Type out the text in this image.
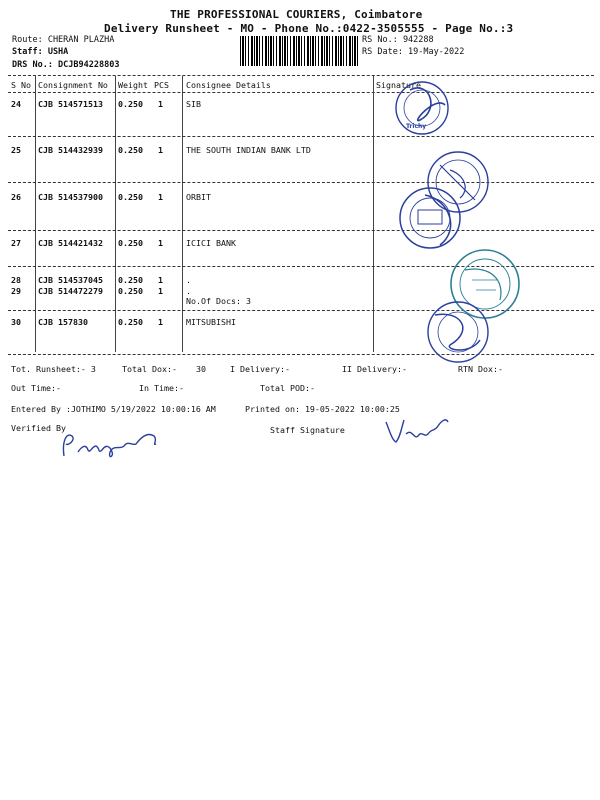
THE PROFESSIONAL COURIERS, Coimbatore
Delivery Runsheet - MO - Phone No.:0422-3505555 - Page No.:3
Route: CHERAN PLAZHA
Staff: USHA
DRS No.: DCJB94228803
RS No.: 942288
RS Date: 19-May-2022
S No Consignment No Weight PCS Consignee Details	Signature
24 CJB 514571513 0.250 1	SIB
25 CJB 514432939 0.250 1	THE SOUTH INDIAN BANK LTD
26 CJB 514537900 0.250 1	ORBIT
27 CJB 514421432 0.250 1	ICICI BANK
28 CJB 514537045 0.250 1	.
29 CJB 514472279 0.250 1	.
No.Of Docs: 3
30 CJB 157830	0.250 1	MITSUBISHI
Trichy
Tot. Runsheet:- 3	Total Dox:- 30	I Delivery:-	II Delivery:-	RTN Dox:-
Out Time:-	In Time:-	Total POD:-
Entered By :JOTHIMO 5/19/2022 10:00:16 AM	Printed on: 19-05-2022 10:00:25
Verified By	Staff Signature
